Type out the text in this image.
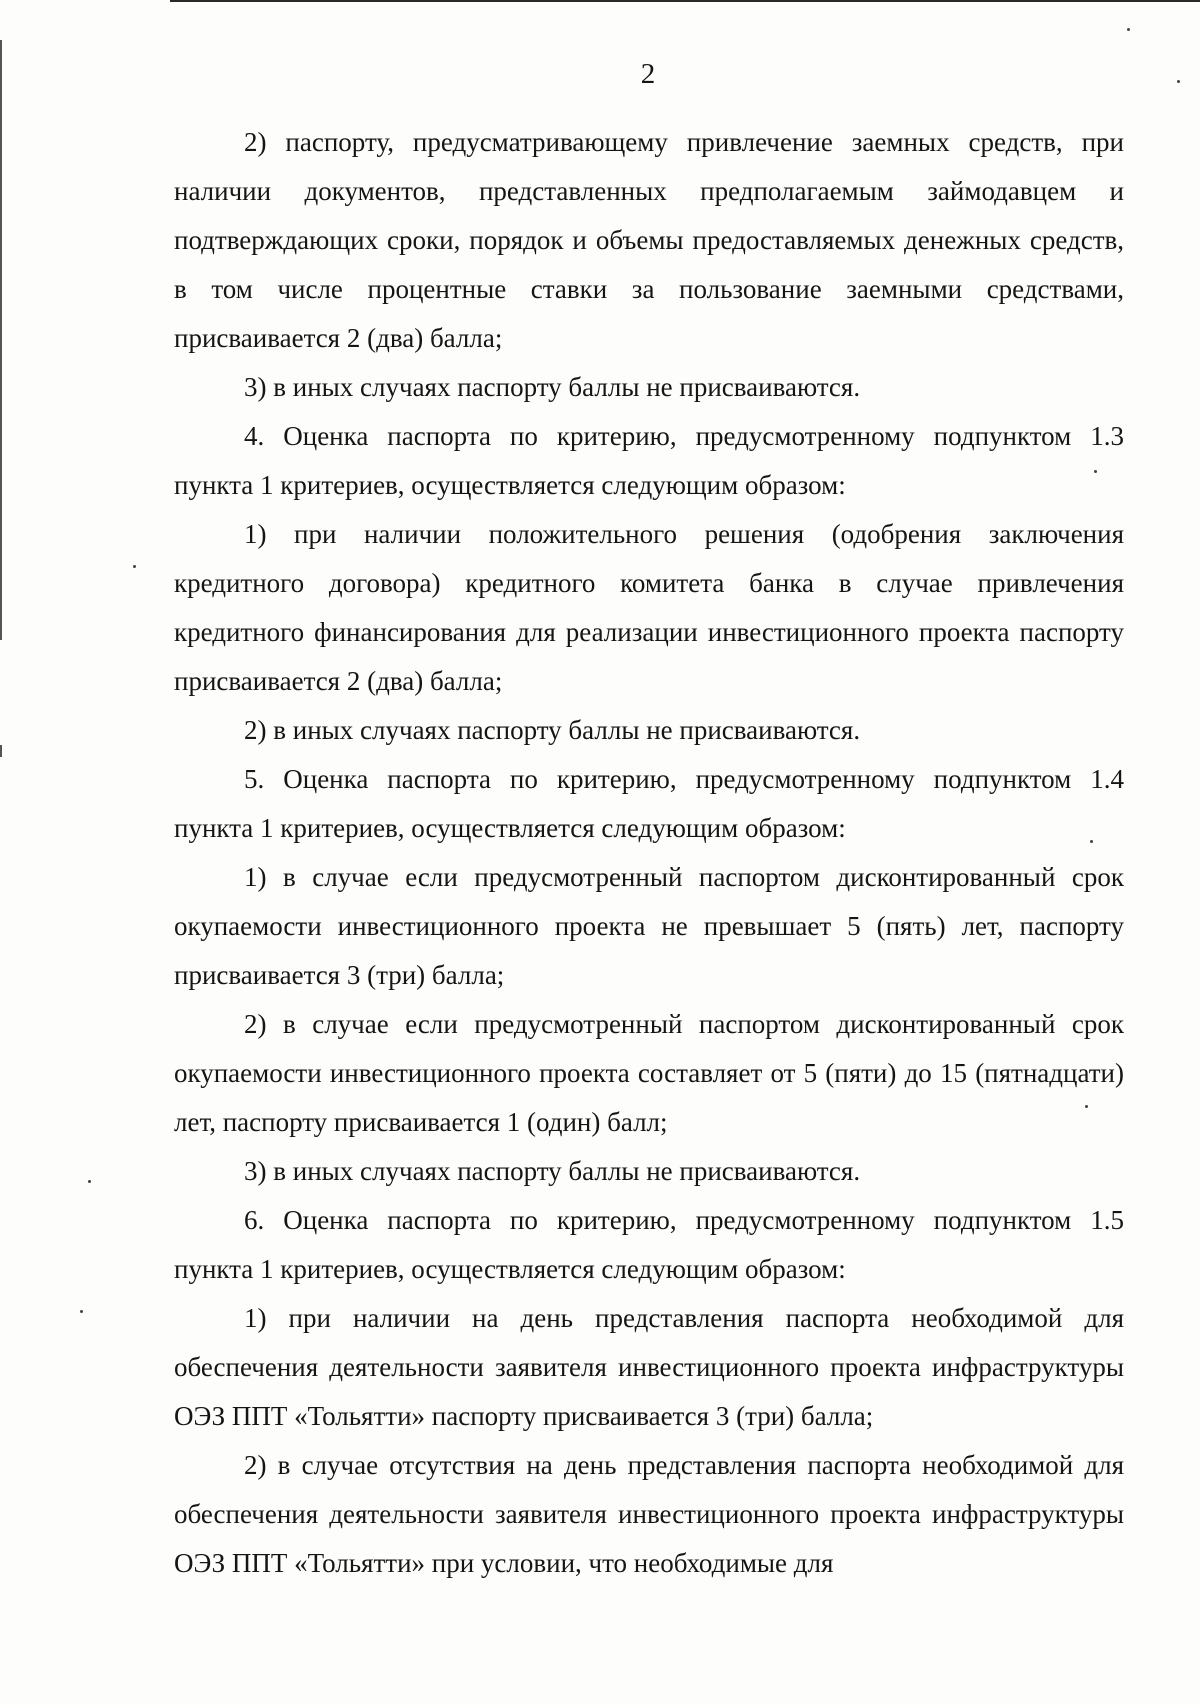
2

2) паспорту, предусматривающему привлечение заемных средств, при наличии документов, представленных предполагаемым займодавцем и подтверждающих сроки, порядок и объемы предоставляемых денежных средств, в том числе процентные ставки за пользование заемными средствами, присваивается 2 (два) балла;

3) в иных случаях паспорту баллы не присваиваются.

4. Оценка паспорта по критерию, предусмотренному подпунктом 1.3 пункта 1 критериев, осуществляется следующим образом:

1) при наличии положительного решения (одобрения заключения кредитного договора) кредитного комитета банка в случае привлечения кредитного финансирования для реализации инвестиционного проекта паспорту присваивается 2 (два) балла;

2) в иных случаях паспорту баллы не присваиваются.

5. Оценка паспорта по критерию, предусмотренному подпунктом 1.4 пункта 1 критериев, осуществляется следующим образом:

1) в случае если предусмотренный паспортом дисконтированный срок окупаемости инвестиционного проекта не превышает 5 (пять) лет, паспорту присваивается 3 (три) балла;

2) в случае если предусмотренный паспортом дисконтированный срок окупаемости инвестиционного проекта составляет от 5 (пяти) до 15 (пятнадцати) лет, паспорту присваивается 1 (один) балл;

3) в иных случаях паспорту баллы не присваиваются.

6. Оценка паспорта по критерию, предусмотренному подпунктом 1.5 пункта 1 критериев, осуществляется следующим образом:

1) при наличии на день представления паспорта необходимой для обеспечения деятельности заявителя инвестиционного проекта инфраструктуры ОЭЗ ППТ «Тольятти» паспорту присваивается 3 (три) балла;

2) в случае отсутствия на день представления паспорта необходимой для обеспечения деятельности заявителя инвестиционного проекта инфраструктуры ОЭЗ ППТ «Тольятти» при условии, что необходимые для
